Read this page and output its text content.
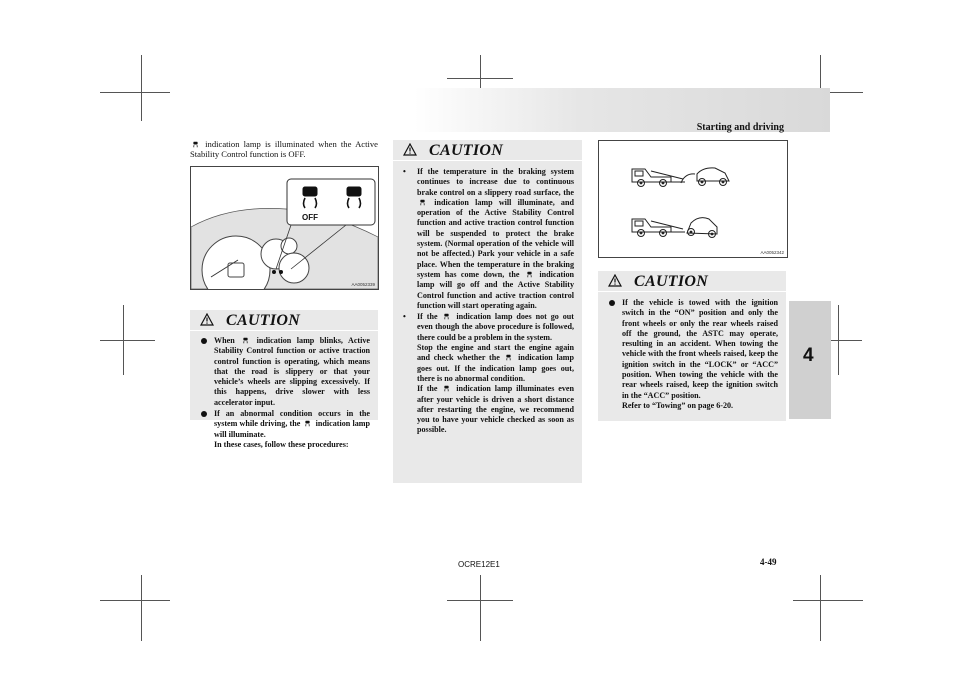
Starting and driving
4
indication lamp is illuminated when the Active Stability Control function is OFF.
OFF
AA0052339
CAUTION
When	indication lamp blinks, Active Stability Control function or active traction control function is operating, which means that the road is slippery or that your vehicle’s wheels are slipping excessively. If this happens, drive slower with less accelerator input.
If an abnormal condition occurs in the system while driving, the indication lamp will illuminate.
In these cases, follow these procedures:
CAUTION
• If the temperature in the braking system continues to increase due to continuous brake control on a slippery road surface, the  indication lamp will illuminate, and operation of the Active Stability Control function and active traction control function will be suspended to protect the brake system. (Normal operation of the vehicle will not be affected.) Park your vehicle in a safe place. When the temperature in the braking system has come down, the indication lamp will go off and the Active Stability Control function and active traction control function will start operating again.
• If the indication lamp does not go out even though the above procedure is followed, there could be a problem in the system.
Stop the engine and start the engine again and check whether the indication lamp goes out. If the indication lamp goes out, there is no abnormal condition.
If the indication lamp illuminates even after your vehicle is driven a short distance after restarting the engine, we recommend you to have your vehicle checked as soon as possible.
AA0052342
CAUTION
If the vehicle is towed with the ignition switch in the “ON” position and only the front wheels or only the rear wheels raised off the ground, the ASTC may operate, resulting in an accident. When towing the vehicle with the front wheels raised, keep the ignition switch in the “LOCK” or “ACC” position. When towing the vehicle with the rear wheels raised, keep the ignition switch in the “ACC” position.
Refer to “Towing” on page 6-20.
OCRE12E1	4-49
